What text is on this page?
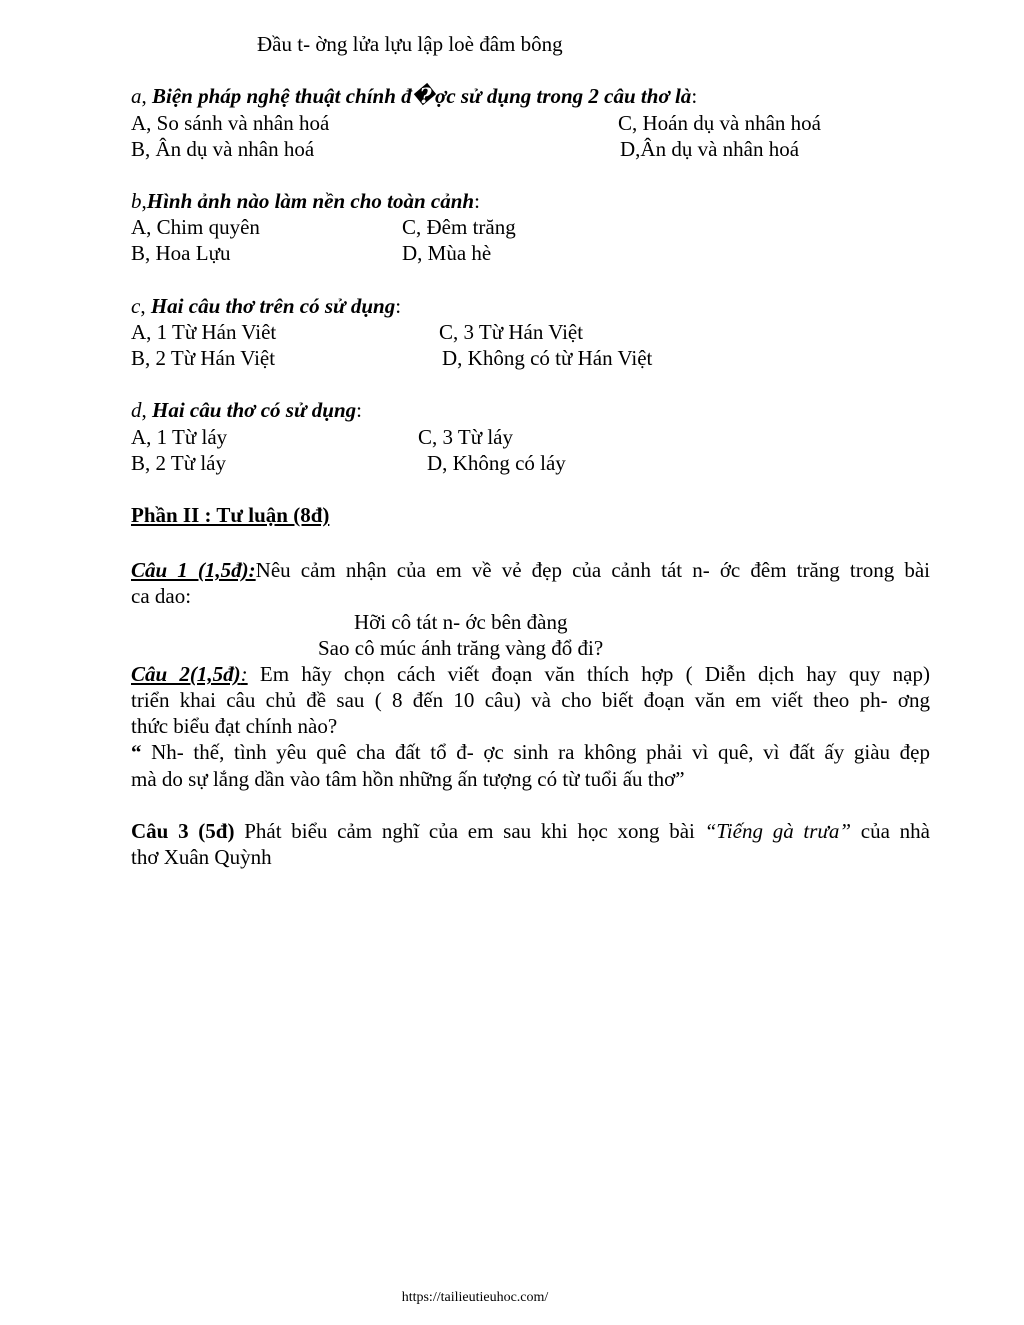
Đầu t- ờng lửa lựu lập loè đâm bông
a, Biện pháp nghệ thuật chính đ�ợc sử dụng trong 2 câu thơ là:
A, So sánh và nhân hoá	C, Hoán dụ và nhân hoá
B, Ân dụ và nhân hoá	D,Ân dụ và nhân hoá
b,Hình ảnh nào làm nền cho toàn cảnh:
A, Chim quyên	C, Đêm trăng
B, Hoa Lựu	D, Mùa hè
c, Hai câu thơ trên có sử dụng:
A, 1 Từ Hán Viêt	C, 3 Từ Hán Việt
B, 2 Từ Hán Việt	D, Không có từ Hán Việt
d, Hai câu thơ có sử dụng:
A, 1 Từ láy	C, 3 Từ láy
B, 2 Từ láy	D, Không có láy
Phần II : Tư luận (8đ)
Câu 1 (1,5đ):Nêu cảm nhận của em về vẻ đẹp của cảnh tát n- ớc đêm trăng trong bài
ca dao:
Hỡi cô tát n- ớc bên đàng
Sao cô múc ánh trăng vàng đổ đi?
Câu 2(1,5đ): Em hãy chọn cách viết đoạn văn thích hợp ( Diễn dịch hay quy nạp)
triển khai câu chủ đề sau ( 8 đến 10 câu) và cho biết đoạn văn em viết theo ph- ơng
thức biểu đạt chính nào?
“ Nh- thế, tình yêu quê cha đất tổ đ- ợc sinh ra không phải vì quê, vì đất ấy giàu đẹp
mà do sự lắng dần vào tâm hồn những ấn tượng có từ tuổi ấu thơ”
Câu 3 (5đ) Phát biểu cảm nghĩ của em sau khi học xong bài “Tiếng gà trưa” của nhà
thơ Xuân Quỳnh
https://tailieutieuhoc.com/
